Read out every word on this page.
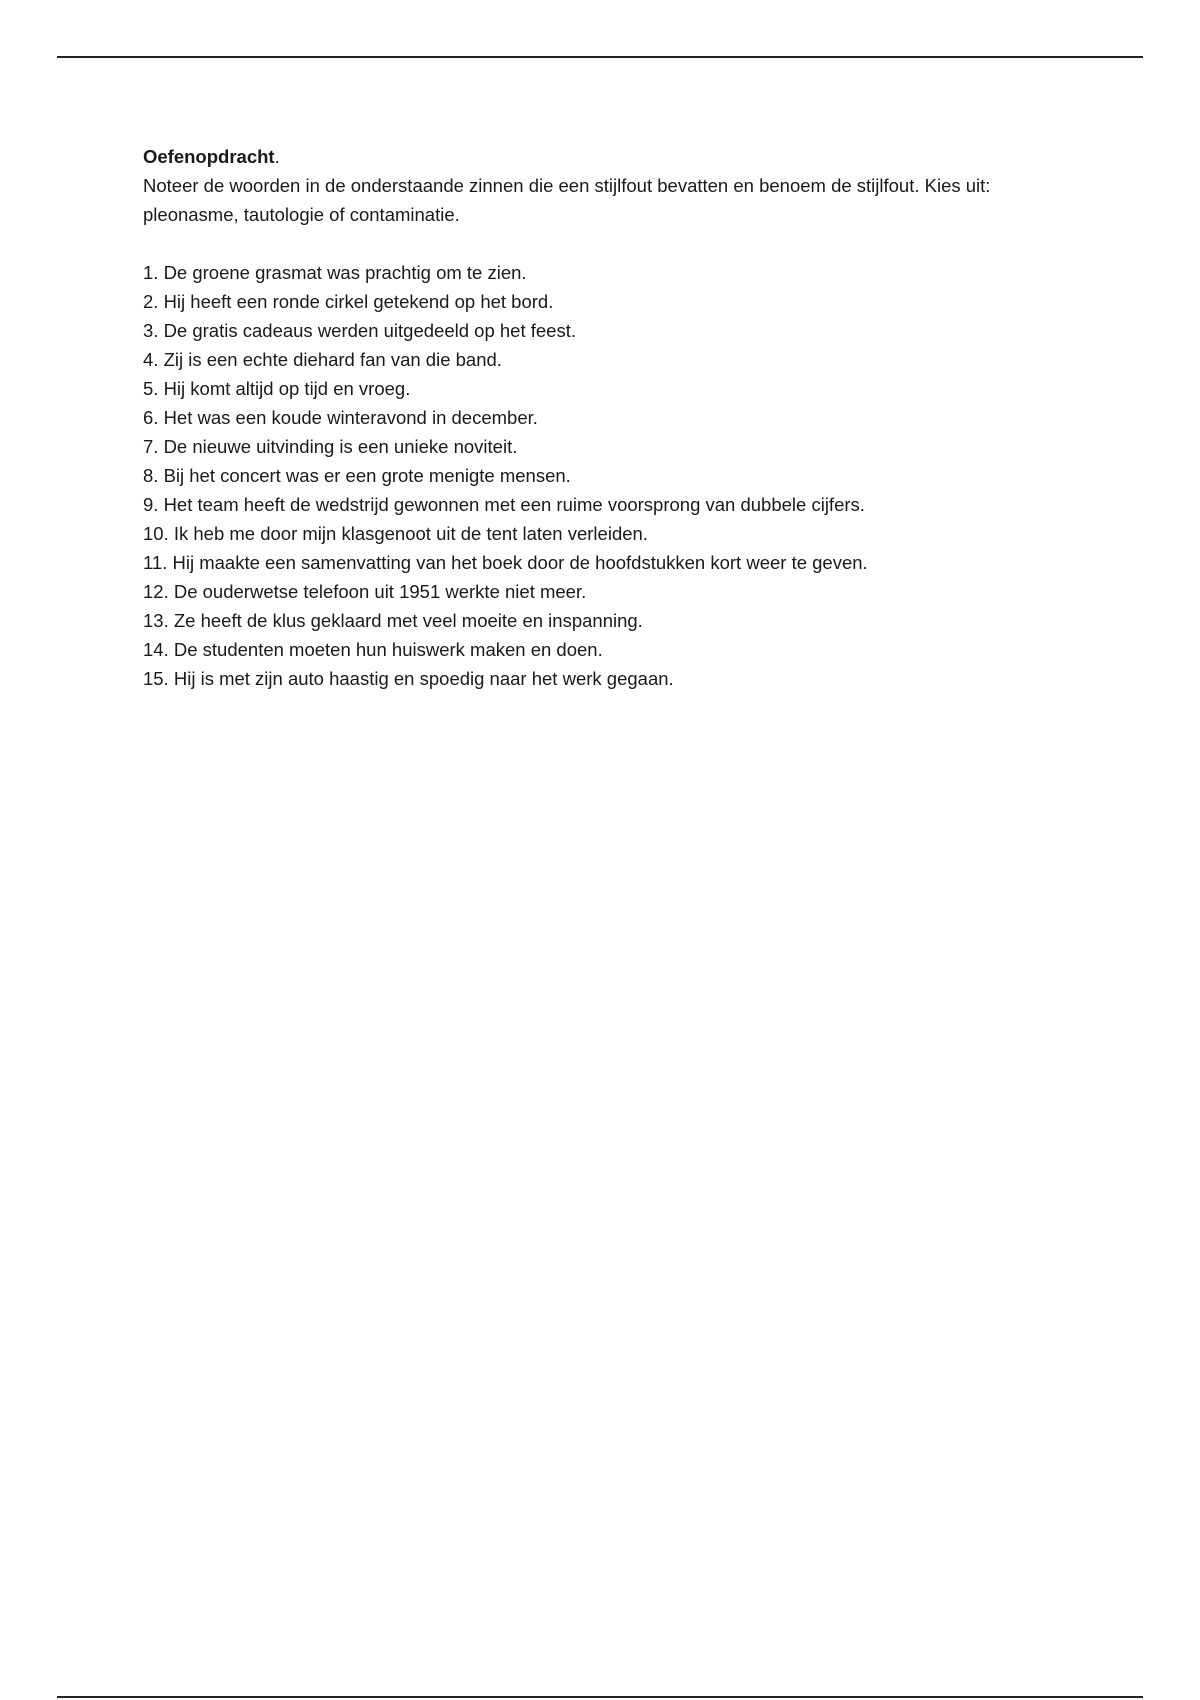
Oefenopdracht.

Noteer de woorden in de onderstaande zinnen die een stijlfout bevatten en benoem de stijlfout. Kies uit: pleonasme, tautologie of contaminatie.

1. De groene grasmat was prachtig om te zien.
2. Hij heeft een ronde cirkel getekend op het bord.
3. De gratis cadeaus werden uitgedeeld op het feest.
4. Zij is een echte diehard fan van die band.
5. Hij komt altijd op tijd en vroeg.
6. Het was een koude winteravond in december.
7. De nieuwe uitvinding is een unieke noviteit.
8. Bij het concert was er een grote menigte mensen.
9. Het team heeft de wedstrijd gewonnen met een ruime voorsprong van dubbele cijfers.
10. Ik heb me door mijn klasgenoot uit de tent laten verleiden.
11. Hij maakte een samenvatting van het boek door de hoofdstukken kort weer te geven.
12. De ouderwetse telefoon uit 1951 werkte niet meer.
13. Ze heeft de klus geklaard met veel moeite en inspanning.
14. De studenten moeten hun huiswerk maken en doen.
15. Hij is met zijn auto haastig en spoedig naar het werk gegaan.
